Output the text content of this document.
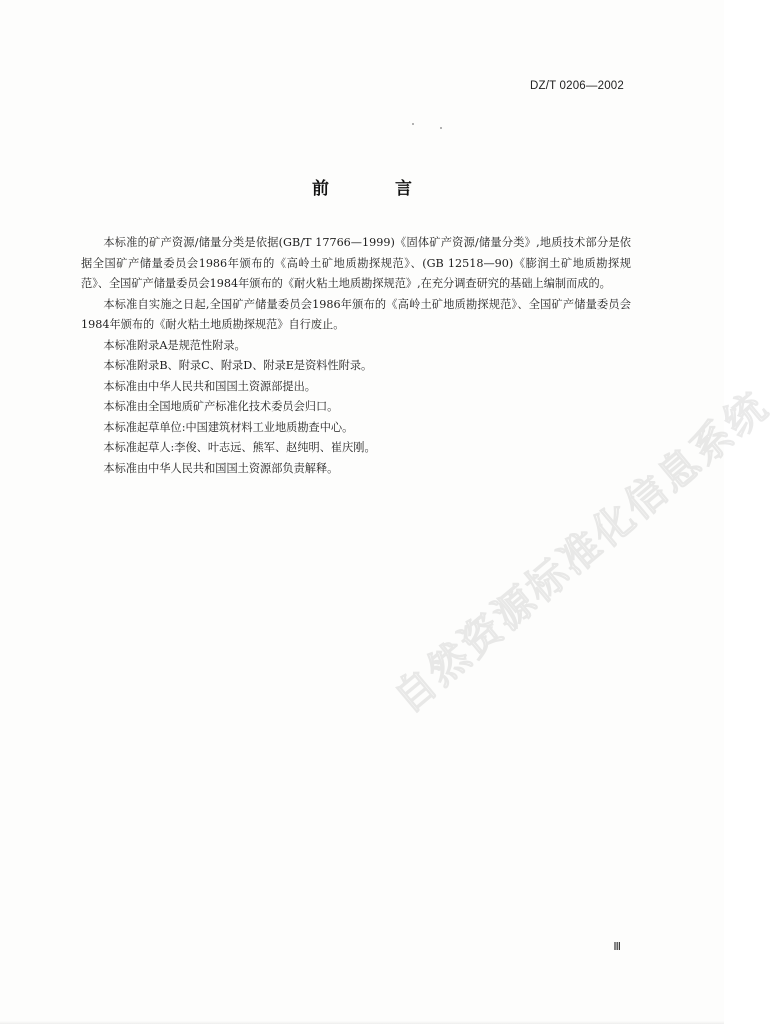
DZ/T 0206—2002
前 言

本标准的矿产资源/储量分类是依据(GB/T 17766—1999)《固体矿产资源/储量分类》,地质技术部分是依据全国矿产储量委员会1986年颁布的《高岭土矿地质勘探规范》、(GB 12518—90)《膨润土矿地质勘探规范》、全国矿产储量委员会1984年颁布的《耐火粘土地质勘探规范》,在充分调查研究的基础上编制而成的。

本标准自实施之日起,全国矿产储量委员会1986年颁布的《高岭土矿地质勘探规范》、全国矿产储量委员会1984年颁布的《耐火粘土地质勘探规范》自行废止。

本标准附录A是规范性附录。

本标准附录B、附录C、附录D、附录E是资料性附录。

本标准由中华人民共和国国土资源部提出。

本标准由全国地质矿产标准化技术委员会归口。

本标准起草单位:中国建筑材料工业地质勘查中心。

本标准起草人:李俊、叶志远、熊军、赵纯明、崔庆刚。

本标准由中华人民共和国国土资源部负责解释。	自然资源标准化信息系统
Ⅲ
